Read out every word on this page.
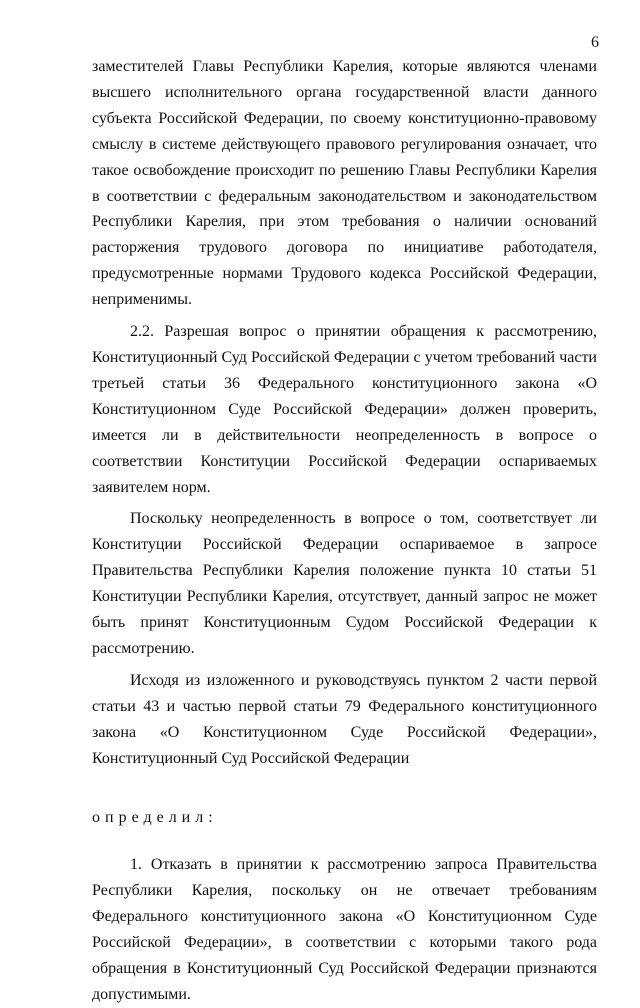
6

заместителей Главы Республики Карелия, которые являются членами высшего исполнительного органа государственной власти данного субъекта Российской Федерации, по своему конституционно-правовому смыслу в системе действующего правового регулирования означает, что такое освобождение происходит по решению Главы Республики Карелия в соответствии с федеральным законодательством и законодательством Республики Карелия, при этом требования о наличии оснований расторжения трудового договора по инициативе работодателя, предусмотренные нормами Трудового кодекса Российской Федерации, неприменимы.

2.2. Разрешая вопрос о принятии обращения к рассмотрению, Конституционный Суд Российской Федерации с учетом требований части третьей статьи 36 Федерального конституционного закона «О Конституционном Суде Российской Федерации» должен проверить, имеется ли в действительности неопределенность в вопросе о соответствии Конституции Российской Федерации оспариваемых заявителем норм.

Поскольку неопределенность в вопросе о том, соответствует ли Конституции Российской Федерации оспариваемое в запросе Правительства Республики Карелия положение пункта 10 статьи 51 Конституции Республики Карелия, отсутствует, данный запрос не может быть принят Конституционным Судом Российской Федерации к рассмотрению.

Исходя из изложенного и руководствуясь пунктом 2 части первой статьи 43 и частью первой статьи 79 Федерального конституционного закона «О Конституционном Суде Российской Федерации», Конституционный Суд Российской Федерации

определил:

1. Отказать в принятии к рассмотрению запроса Правительства Республики Карелия, поскольку он не отвечает требованиям Федерального конституционного закона «О Конституционном Суде Российской Федерации», в соответствии с которыми такого рода обращения в Конституционный Суд Российской Федерации признаются допустимыми.
